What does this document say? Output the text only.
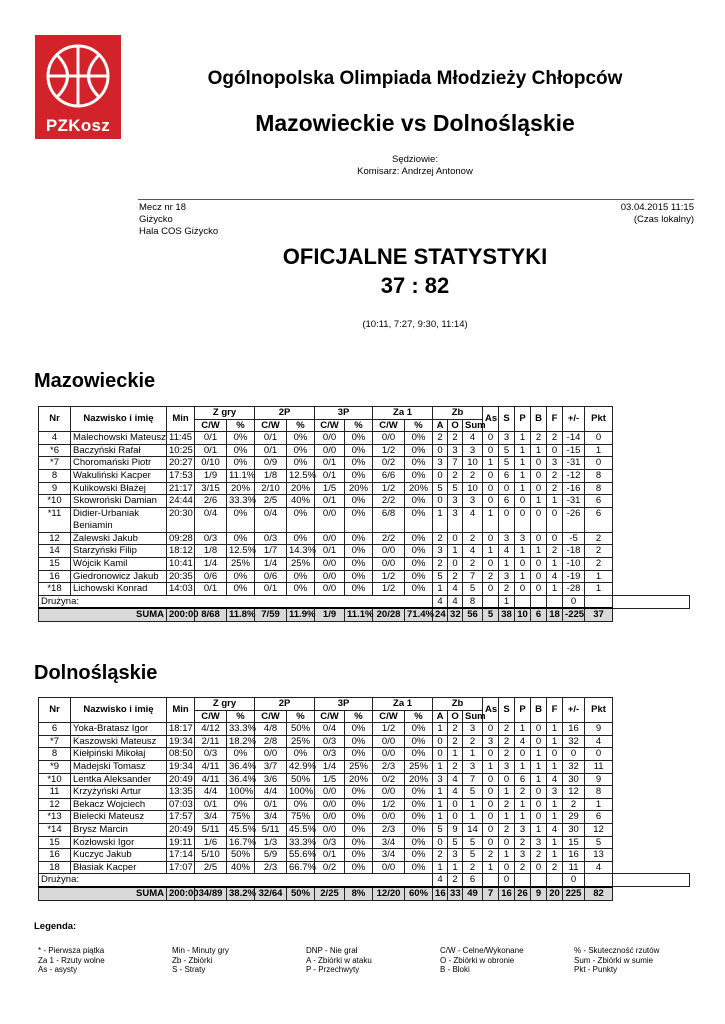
PZKosz
Ogólnopolska Olimpiada Młodzieży Chłopców
Mazowieckie vs Dolnośląskie
Sędziowie:
Komisarz: Andrzej Antonow
Mecz nr 18
Giżycko
Hala COS Giżycko
03.04.2015 11:15
(Czas lokalny)
OFICJALNE STATYSTYKI
37 : 82
(10:11, 7:27, 9:30, 11:14)
Mazowieckie
Nr	Nazwisko i imię	Min	Z gry		2P		3P		Za 1		Zb			As	S	P	B	F	+/-	Pkt	
			C/W	%	C/W	%	C/W	%	C/W	%	A	O	Sum								
4	Malechowski Mateusz	11:45	0/1	0%	0/1	0%	0/0	0%	0/0	0%	2	2	4	0	3	1	2	2	-14	0	
*6	Baczyński Rafał	10:25	0/1	0%	0/1	0%	0/0	0%	1/2	0%	0	3	3	0	5	1	1	0	-15	1	
*7	Choromański Piotr	20:27	0/10	0%	0/9	0%	0/1	0%	0/2	0%	3	7	10	1	5	1	0	3	-31	0	
8	Wakuliński Kacper	17:53	1/9	11.1%	1/8	12.5%	0/1	0%	6/6	0%	0	2	2	0	6	1	0	2	-12	8	
9	Kulikowski Błażej	21:17	3/15	20%	2/10	20%	1/5	20%	1/2	20%	5	5	10	0	0	1	0	2	-16	8	
*10	Skowroński Damian	24:44	2/6	33.3%	2/5	40%	0/1	0%	2/2	0%	0	3	3	0	6	0	1	1	-31	6	
*11	Didier-Urbaniak Beniamin	20:30	0/4	0%	0/4	0%	0/0	0%	6/8	0%	1	3	4	1	0	0	0	0	-26	6	
12	Zalewski Jakub	09:28	0/3	0%	0/3	0%	0/0	0%	2/2	0%	2	0	2	0	3	3	0	0	-5	2	
14	Starzyński Filip	18:12	1/8	12.5%	1/7	14.3%	0/1	0%	0/0	0%	3	1	4	1	4	1	1	2	-18	2	
15	Wójcik Kamil	10:41	1/4	25%	1/4	25%	0/0	0%	0/0	0%	2	0	2	0	1	0	0	1	-10	2	
16	Giedronowicz Jakub	20:35	0/6	0%	0/6	0%	0/0	0%	1/2	0%	5	2	7	2	3	1	0	4	-19	1	
*18	Lichowski Konrad	14:03	0/1	0%	0/1	0%	0/0	0%	1/2	0%	1	4	5	0	2	0	0	1	-28	1	
Drużyna:											4	4	8		1				0		
SUMA		200:00	8/68	11.8%	7/59	11.9%	1/9	11.1%	20/28	71.4%	24	32	56	5	38	10	6	18	-225	37	
Dolnośląskie
Nr	Nazwisko i imię	Min	Z gry		2P		3P		Za 1		Zb			As	S	P	B	F	+/-	Pkt	
			C/W	%	C/W	%	C/W	%	C/W	%	A	O	Sum								
6	Yoka-Bratasz Igor	18:17	4/12	33.3%	4/8	50%	0/4	0%	1/2	0%	1	2	3	0	2	1	0	1	16	9	
*7	Kaszowski Mateusz	19:34	2/11	18.2%	2/8	25%	0/3	0%	0/0	0%	0	2	2	3	2	4	0	1	32	4	
8	Kiełpiński Mikołaj	08:50	0/3	0%	0/0	0%	0/3	0%	0/0	0%	0	1	1	0	2	0	1	0	0	0	
*9	Madejski Tomasz	19:34	4/11	36.4%	3/7	42.9%	1/4	25%	2/3	25%	1	2	3	1	3	1	1	1	32	11	
*10	Lentka Aleksander	20:49	4/11	36.4%	3/6	50%	1/5	20%	0/2	20%	3	4	7	0	0	6	1	4	30	9	
11	Krzyżyński Artur	13:35	4/4	100%	4/4	100%	0/0	0%	0/0	0%	1	4	5	0	1	2	0	3	12	8	
12	Bekacz Wojciech	07:03	0/1	0%	0/1	0%	0/0	0%	1/2	0%	1	0	1	0	2	1	0	1	2	1	
*13	Bielecki Mateusz	17:57	3/4	75%	3/4	75%	0/0	0%	0/0	0%	1	0	1	0	1	1	0	1	29	6	
*14	Brysz Marcin	20:49	5/11	45.5%	5/11	45.5%	0/0	0%	2/3	0%	5	9	14	0	2	3	1	4	30	12	
15	Kozłowski Igor	19:11	1/6	16.7%	1/3	33.3%	0/3	0%	3/4	0%	0	5	5	0	0	2	3	1	15	5	
16	Kuczyc Jakub	17:14	5/10	50%	5/9	55.6%	0/1	0%	3/4	0%	2	3	5	2	1	3	2	1	16	13	
18	Błasiak Kacper	17:07	2/5	40%	2/3	66.7%	0/2	0%	0/0	0%	1	1	2	1	0	2	0	2	11	4	
Drużyna:											4	2	6		0				0		
SUMA		200:00	34/89	38.2%	32/64	50%	2/25	8%	12/20	60%	16	33	49	7	16	26	9	20	225	82	
Legenda:
* - Pierwsza piątka
Za 1 - Rzuty wolne
As - asysty
Min - Minuty gry
Zb - Zbiórki
S - Straty
DNP - Nie grał
A - Zbiórki w ataku
P - Przechwyty
C/W - Celne/Wykonane
O - Zbiórki w obronie
B - Bloki
% - Skuteczność rzutów
Sum - Zbiórki w sumie
Pkt - Punkty
